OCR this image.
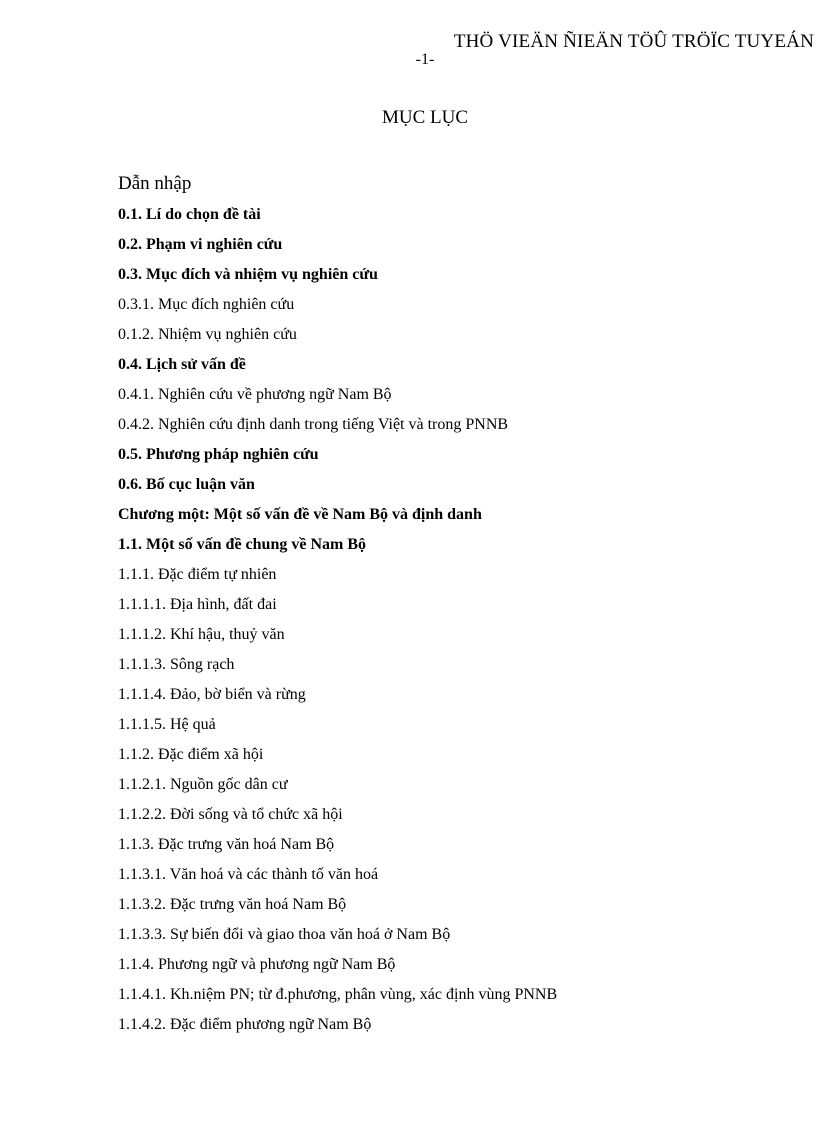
THÖ VIEÄN ÑIEÄN TÖÛ TRÖÏC TUYEÁN
-1-
MỤC LỤC
Dẫn nhập
0.1. Lí do chọn đề tài
0.2. Phạm vi nghiên cứu
0.3. Mục đích và nhiệm vụ nghiên cứu
0.3.1. Mục đích nghiên cứu
0.1.2. Nhiệm vụ nghiên cứu
0.4. Lịch sử vấn đề
0.4.1. Nghiên cứu về phương ngữ Nam Bộ
0.4.2. Nghiên cứu định danh trong tiếng Việt và trong PNNB
0.5. Phương pháp nghiên cứu
0.6. Bố cục luận văn
Chương một: Một số vấn đề về Nam Bộ và định danh
1.1. Một số vấn đề chung về Nam Bộ
1.1.1. Đặc điểm tự nhiên
1.1.1.1. Địa hình, đất đai
1.1.1.2. Khí hậu, thuỷ văn
1.1.1.3. Sông rạch
1.1.1.4. Đảo, bờ biển và rừng
1.1.1.5. Hệ quả
1.1.2. Đặc điểm xã hội
1.1.2.1. Nguồn gốc dân cư
1.1.2.2. Đời sống và tổ chức xã hội
1.1.3. Đặc trưng văn hoá Nam Bộ
1.1.3.1. Văn hoá và các thành tố văn hoá
1.1.3.2. Đặc trưng văn hoá Nam Bộ
1.1.3.3. Sự biến đổi và giao thoa văn hoá ở Nam Bộ
1.1.4. Phương ngữ và phương ngữ Nam Bộ
1.1.4.1. Kh.niệm PN; từ đ.phương, phân vùng, xác định vùng PNNB
1.1.4.2. Đặc điểm phương ngữ Nam Bộ
